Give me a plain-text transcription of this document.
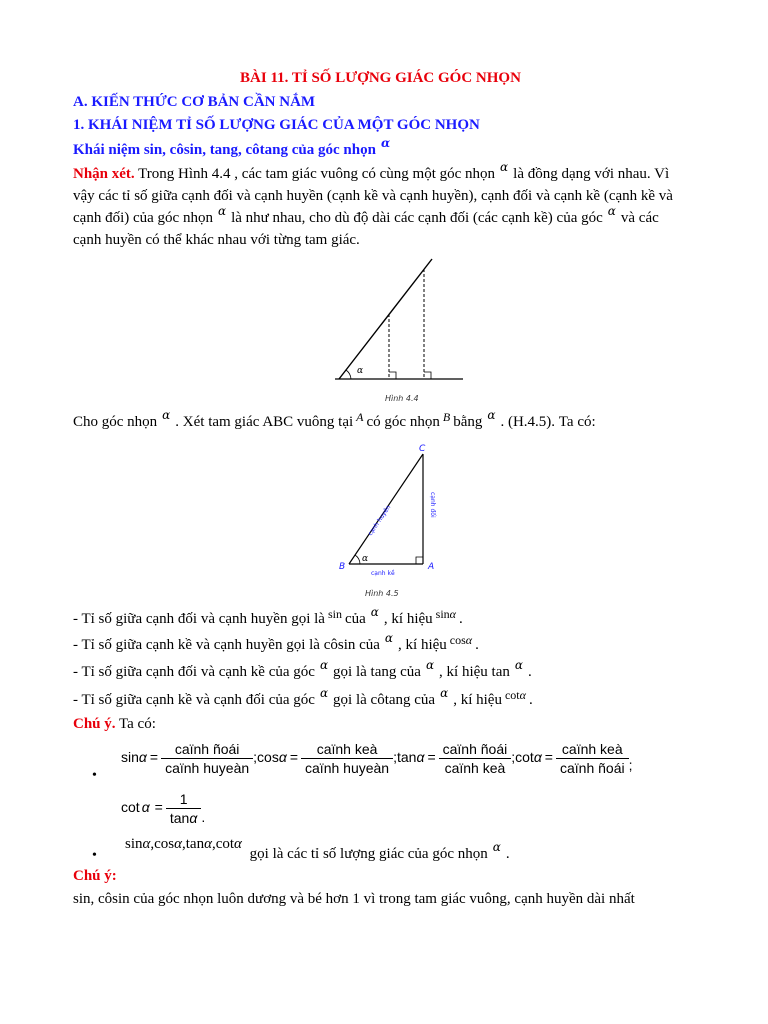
BÀI 11. TỈ SỐ LƯỢNG GIÁC GÓC NHỌN
A. KIẾN THỨC CƠ BẢN CẦN NẮM
1. KHÁI NIỆM TỈ SỐ LƯỢNG GIÁC CỦA MỘT GÓC NHỌN
Khái niệm sin, côsin, tang, côtang của góc nhọn $^\alpha$
Nhận xét. Trong Hình 4.4 , các tam giác vuông có cùng một góc nhọn $^\alpha$ là đồng dạng với nhau. Vì
vậy các tỉ số giữa cạnh đối và cạnh huyền (cạnh kề và cạnh huyền), cạnh đối và cạnh kề (cạnh kề và
cạnh đối) của góc nhọn $^\alpha$ là như nhau, cho dù độ dài các cạnh đối (các cạnh kề) của góc $^\alpha$ và các
cạnh huyền có thể khác nhau với từng tam giác.
α
Hình 4.4
Cho góc nhọn $^\alpha$ . Xét tam giác ABC vuông tại $^A$ có góc nhọn $^B$ bằng $^\alpha$ . (H.4.5). Ta có:
α
C
B	A
cạnh huyền	cạnh đối
cạnh kề
Hình 4.5
- Tỉ số giữa cạnh đối và cạnh huyền gọi là $^{sin}$ của $^\alpha$ , kí hiệu $^{sin\alpha}$ .
- Tỉ số giữa cạnh kề và cạnh huyền gọi là côsin của $^\alpha$ , kí hiệu $^{cos\alpha}$ .
- Tỉ số giữa cạnh đối và cạnh kề của góc $^\alpha$ gọi là tang của $^\alpha$ , kí hiệu tan $^\alpha$ .
- Tỉ số giữa cạnh kề và cạnh đối của góc $^\alpha$ gọi là côtang của $^\alpha$ , kí hiệu $^{cot\alpha}$ .
Chú ý. Ta có:
•
$\sin\alpha = \frac{\text{caïnh ñoái}}{\text{caïnh huyeàn}}$ ;cosα = $\frac{\text{caïnh keà}}{\text{caïnh huyeàn}}$ ;tanα = $\frac{\text{caïnh ñoái}}{\text{caïnh keà}}$ ;cotα = $\frac{\text{caïnh keà}}{\text{caïnh ñoái}}$ ;
$\cot \alpha = \frac{1}{\tan\alpha}$ .
•
sinα,cosα,tanα,cotα gọi là các tỉ số lượng giác của góc nhọn $_\alpha$ .
Chú ý:
sin, côsin của góc nhọn luôn dương và bé hơn 1 vì trong tam giác vuông, cạnh huyền dài nhất
